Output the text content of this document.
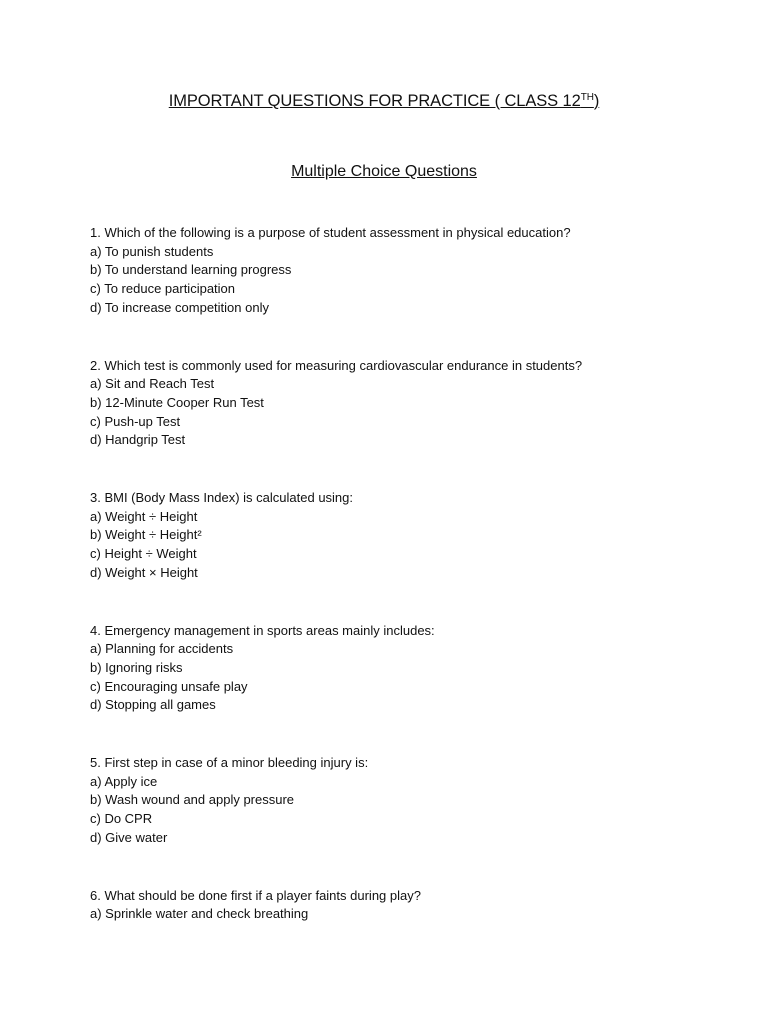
IMPORTANT QUESTIONS FOR PRACTICE ( CLASS 12TH)
Multiple Choice Questions
1. Which of the following is a purpose of student assessment in physical education?
a) To punish students
b) To understand learning progress
c) To reduce participation
d) To increase competition only
2. Which test is commonly used for measuring cardiovascular endurance in students?
a) Sit and Reach Test
b) 12-Minute Cooper Run Test
c) Push-up Test
d) Handgrip Test
3. BMI (Body Mass Index) is calculated using:
a) Weight ÷ Height
b) Weight ÷ Height²
c) Height ÷ Weight
d) Weight × Height
4. Emergency management in sports areas mainly includes:
a) Planning for accidents
b) Ignoring risks
c) Encouraging unsafe play
d) Stopping all games
5. First step in case of a minor bleeding injury is:
a) Apply ice
b) Wash wound and apply pressure
c) Do CPR
d) Give water
6. What should be done first if a player faints during play?
a) Sprinkle water and check breathing
